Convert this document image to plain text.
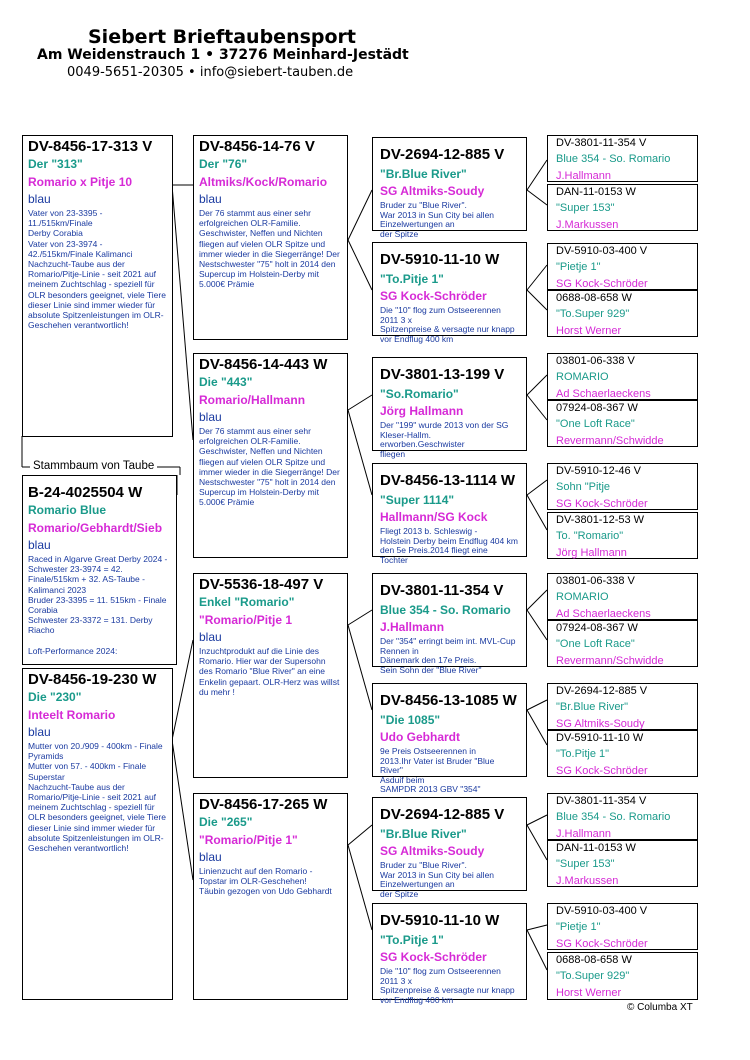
Siebert Brieftaubensport
Am Weidenstrauch 1 • 37276 Meinhard-Jestädt
0049-5651-20305 • info@siebert-tauben.de
Stammbaum von Taube
DV-8456-17-313 V
Der "313"
Romario x Pitje 10
blau
Vater von 23-3395 - 11./515km/Finale
Derby Corabia
Vater von 23-3974 -
42./515km/Finale Kalimanci
Nachzucht-Taube aus der
Romario/Pitje-Linie - seit 2021 auf
meinem Zuchtschlag - speziell für
OLR besonders geeignet, viele Tiere
dieser Linie sind immer wieder für
absolute Spitzenleistungen im OLR-
Geschehen verantwortlich!
B-24-4025504 W
Romario Blue
Romario/Gebhardt/Sieb
blau
Raced in Algarve Great Derby 2024 -
Schwester 23-3974 = 42.
Finale/515km + 32. AS-Taube -
Kalimanci 2023
Bruder 23-3395 = 11. 515km - Finale
Corabia
Schwester 23-3372 = 131. Derby
Riacho

Loft-Performance 2024:
DV-8456-19-230 W
Die "230"
Inteelt Romario
blau
Mutter von 20./909 - 400km - Finale
Pyramids
Mutter von 57. - 400km - Finale
Superstar
Nachzucht-Taube aus der
Romario/Pitje-Linie - seit 2021 auf
meinem Zuchtschlag - speziell für
OLR besonders geeignet, viele Tiere
dieser Linie sind immer wieder für
absolute Spitzenleistungen im OLR-
Geschehen verantwortlich!
DV-8456-14-76 V
Der "76"
Altmiks/Kock/Romario
blau
Der 76 stammt aus einer sehr
erfolgreichen OLR-Familie.
Geschwister, Neffen und Nichten
fliegen auf vielen OLR Spitze und
immer wieder in die Siegerränge! Der
Nestschwester "75" holt in 2014 den
Supercup im Holstein-Derby mit
5.000€ Prämie
DV-8456-14-443 W
Die "443"
Romario/Hallmann
blau
Der 76 stammt aus einer sehr
erfolgreichen OLR-Familie.
Geschwister, Neffen und Nichten
fliegen auf vielen OLR Spitze und
immer wieder in die Siegerränge! Der
Nestschwester "75" holt in 2014 den
Supercup im Holstein-Derby mit
5.000€ Prämie
DV-5536-18-497 V
Enkel "Romario"
"Romario/Pitje 1
blau
Inzuchtprodukt auf die Linie des
Romario. Hier war der Supersohn
des Romario "Blue River" an eine
Enkelin gepaart. OLR-Herz was willst
du mehr !
DV-8456-17-265 W
Die "265"
"Romario/Pitje 1"
blau
Linienzucht auf den Romario -
Topstar im OLR-Geschehen!
Täubin gezogen von Udo Gebhardt
DV-2694-12-885 V
"Br.Blue River"
SG Altmiks-Soudy
Bruder zu "Blue River".
War 2013 in Sun City bei allen
Einzelwertungen an
der Spitze
DV-5910-11-10 W
"To.Pitje 1"
SG Kock-Schröder
Die "10" flog zum Ostseerennen
2011 3 x
Spitzenpreise & versagte nur knapp
vor Endflug 400 km
DV-3801-13-199 V
"So.Romario"
Jörg Hallmann
Der "199" wurde 2013 von der SG
Kleser-Hallm.
erworben.Geschwister
fliegen
DV-8456-13-1114 W
"Super 1114"
Hallmann/SG Kock
Fliegt 2013 b. Schleswig -
Holstein Derby beim Endflug 404 km
den 5e Preis.2014 fliegt eine
Tochter
DV-3801-11-354 V
Blue 354 - So. Romario
J.Hallmann
Der "354" erringt beim int. MVL-Cup
Rennen in
Dänemark den 17e Preis.
Sein Sohn der "Blue River"
DV-8456-13-1085 W
"Die 1085"
Udo Gebhardt
9e Preis Ostseerennen in
2013.Ihr Vater ist Bruder "Blue River"
Asduif beim
SAMPDR 2013 GBV "354"
DV-2694-12-885 V
"Br.Blue River"
SG Altmiks-Soudy
Bruder zu "Blue River".
War 2013 in Sun City bei allen
Einzelwertungen an
der Spitze
DV-5910-11-10 W
"To.Pitje 1"
SG Kock-Schröder
Die "10" flog zum Ostseerennen
2011 3 x
Spitzenpreise & versagte nur knapp
vor Endflug 400 km
DV-3801-11-354 V
Blue 354 - So. Romario
J.Hallmann
DAN-11-0153 W
"Super 153"
J.Markussen
DV-5910-03-400 V
"Pietje 1"
SG Kock-Schröder
0688-08-658 W
"To.Super 929"
Horst Werner
03801-06-338 V
ROMARIO
Ad Schaerlaeckens
07924-08-367 W
"One Loft Race"
Revermann/Schwidde
DV-5910-12-46 V
Sohn "Pitje
SG Kock-Schröder
DV-3801-12-53 W
To. "Romario"
Jörg Hallmann
03801-06-338 V
ROMARIO
Ad Schaerlaeckens
07924-08-367 W
"One Loft Race"
Revermann/Schwidde
DV-2694-12-885 V
"Br.Blue River"
SG Altmiks-Soudy
DV-5910-11-10 W
"To.Pitje 1"
SG Kock-Schröder
DV-3801-11-354 V
Blue 354 - So. Romario
J.Hallmann
DAN-11-0153 W
"Super 153"
J.Markussen
DV-5910-03-400 V
"Pietje 1"
SG Kock-Schröder
0688-08-658 W
"To.Super 929"
Horst Werner
© Columba XT
